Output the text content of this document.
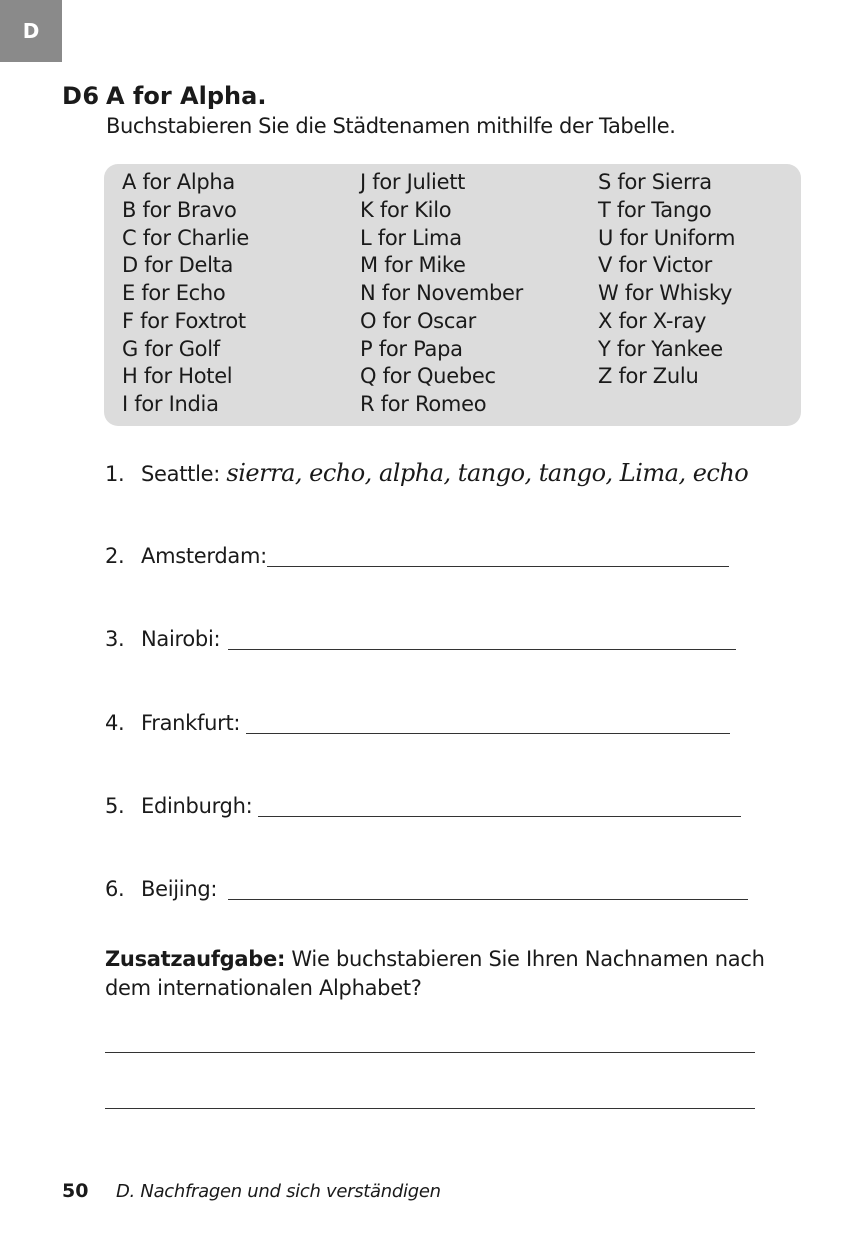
D
D6 A for Alpha.
Buchstabieren Sie die Städtenamen mithilfe der Tabelle.
A for Alpha
B for Bravo
C for Charlie
D for Delta
E for Echo
F for Foxtrot
G for Golf
H for Hotel
I for India
J for Juliett
K for Kilo
L for Lima
M for Mike
N for November
O for Oscar
P for Papa
Q for Quebec
R for Romeo
S for Sierra
T for Tango
U for Uniform
V for Victor
W for Whisky
X for X-ray
Y for Yankee
Z for Zulu
1. Seattle: sierra, echo, alpha, tango, tango, Lima, echo
2. Amsterdam:
3. Nairobi:
4. Frankfurt:
5. Edinburgh:
6. Beijing:
Zusatzaufgabe: Wie buchstabieren Sie Ihren Nachnamen nach dem internationalen Alphabet?
50 D. Nachfragen und sich verständigen
